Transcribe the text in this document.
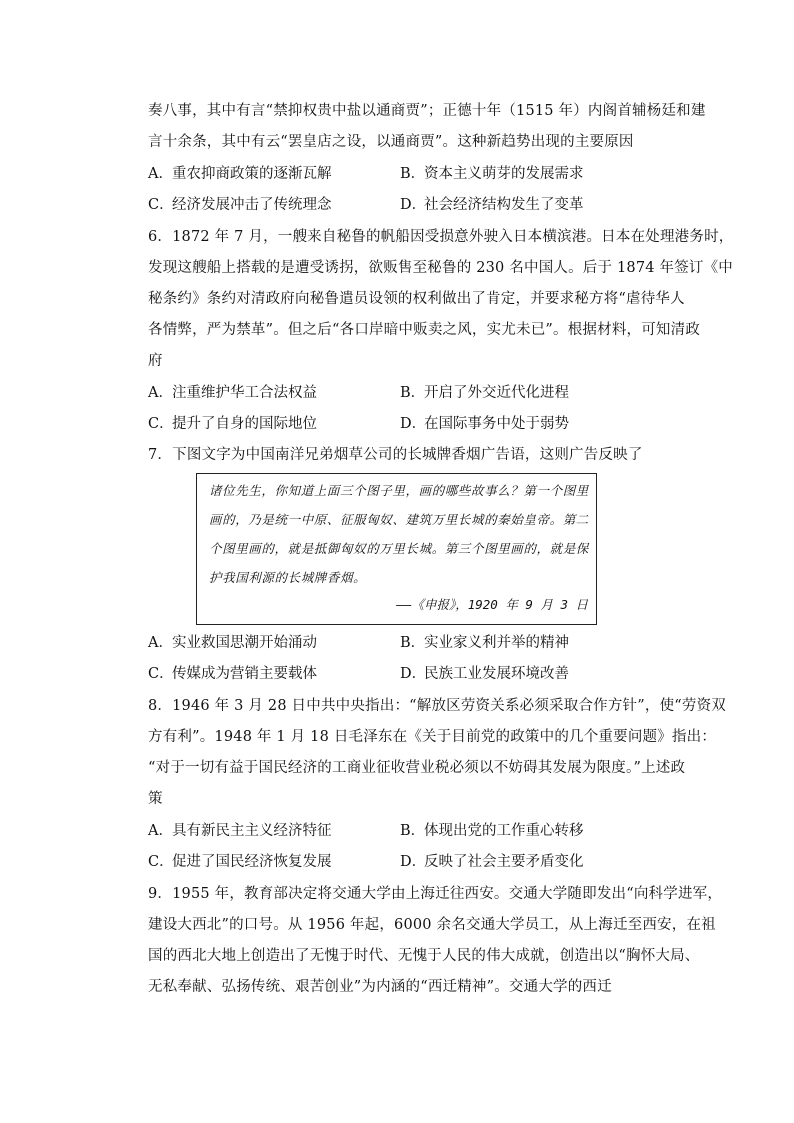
奏八事，其中有言“禁抑权贵中盐以通商贾”；正德十年（1515 年）内阁首辅杨廷和建
言十余条，其中有云“罢皇店之设，以通商贾”。这种新趋势出现的主要原因
A．重农抑商政策的逐渐瓦解	B．资本主义萌芽的发展需求
C．经济发展冲击了传统理念	D．社会经济结构发生了变革
6．1872 年 7 月，一艘来自秘鲁的帆船因受损意外驶入日本横滨港。日本在处理港务时，
发现这艘船上搭载的是遭受诱拐，欲贩售至秘鲁的 230 名中国人。后于 1874 年签订《中
秘条约》条约对清政府向秘鲁遣员设领的权利做出了肯定，并要求秘方将“虐待华人
各情弊，严为禁革”。但之后“各口岸暗中贩卖之风，实尤未已”。根据材料，可知清政
府
A．注重维护华工合法权益	B．开启了外交近代化进程
C．提升了自身的国际地位	D．在国际事务中处于弱势
7．下图文字为中国南洋兄弟烟草公司的长城牌香烟广告语，这则广告反映了
诸位先生，你知道上面三个图子里，画的哪些故事么？第一个图里
画的，乃是统一中原、征服匈奴、建筑万里长城的秦始皇帝。第二
个图里画的，就是抵御匈奴的万里长城。第三个图里画的，就是保
护我国利源的长城牌香烟。
——《申报》，1920 年 9 月 3 日
A．实业救国思潮开始涌动	B．实业家义利并举的精神
C．传媒成为营销主要载体	D．民族工业发展环境改善
8．1946 年 3 月 28 日中共中央指出：“解放区劳资关系必须采取合作方针”，使“劳资双
方有利”。1948 年 1 月 18 日毛泽东在《关于目前党的政策中的几个重要问题》指出：
“对于一切有益于国民经济的工商业征收营业税必须以不妨碍其发展为限度。”上述政
策
A．具有新民主主义经济特征	B．体现出党的工作重心转移
C．促进了国民经济恢复发展	D．反映了社会主要矛盾变化
9．1955 年，教育部决定将交通大学由上海迁往西安。交通大学随即发出“向科学进军，
建设大西北”的口号。从 1956 年起，6000 余名交通大学员工，从上海迁至西安，在祖
国的西北大地上创造出了无愧于时代、无愧于人民的伟大成就，创造出以“胸怀大局、
无私奉献、弘扬传统、艰苦创业”为内涵的“西迁精神”。交通大学的西迁
